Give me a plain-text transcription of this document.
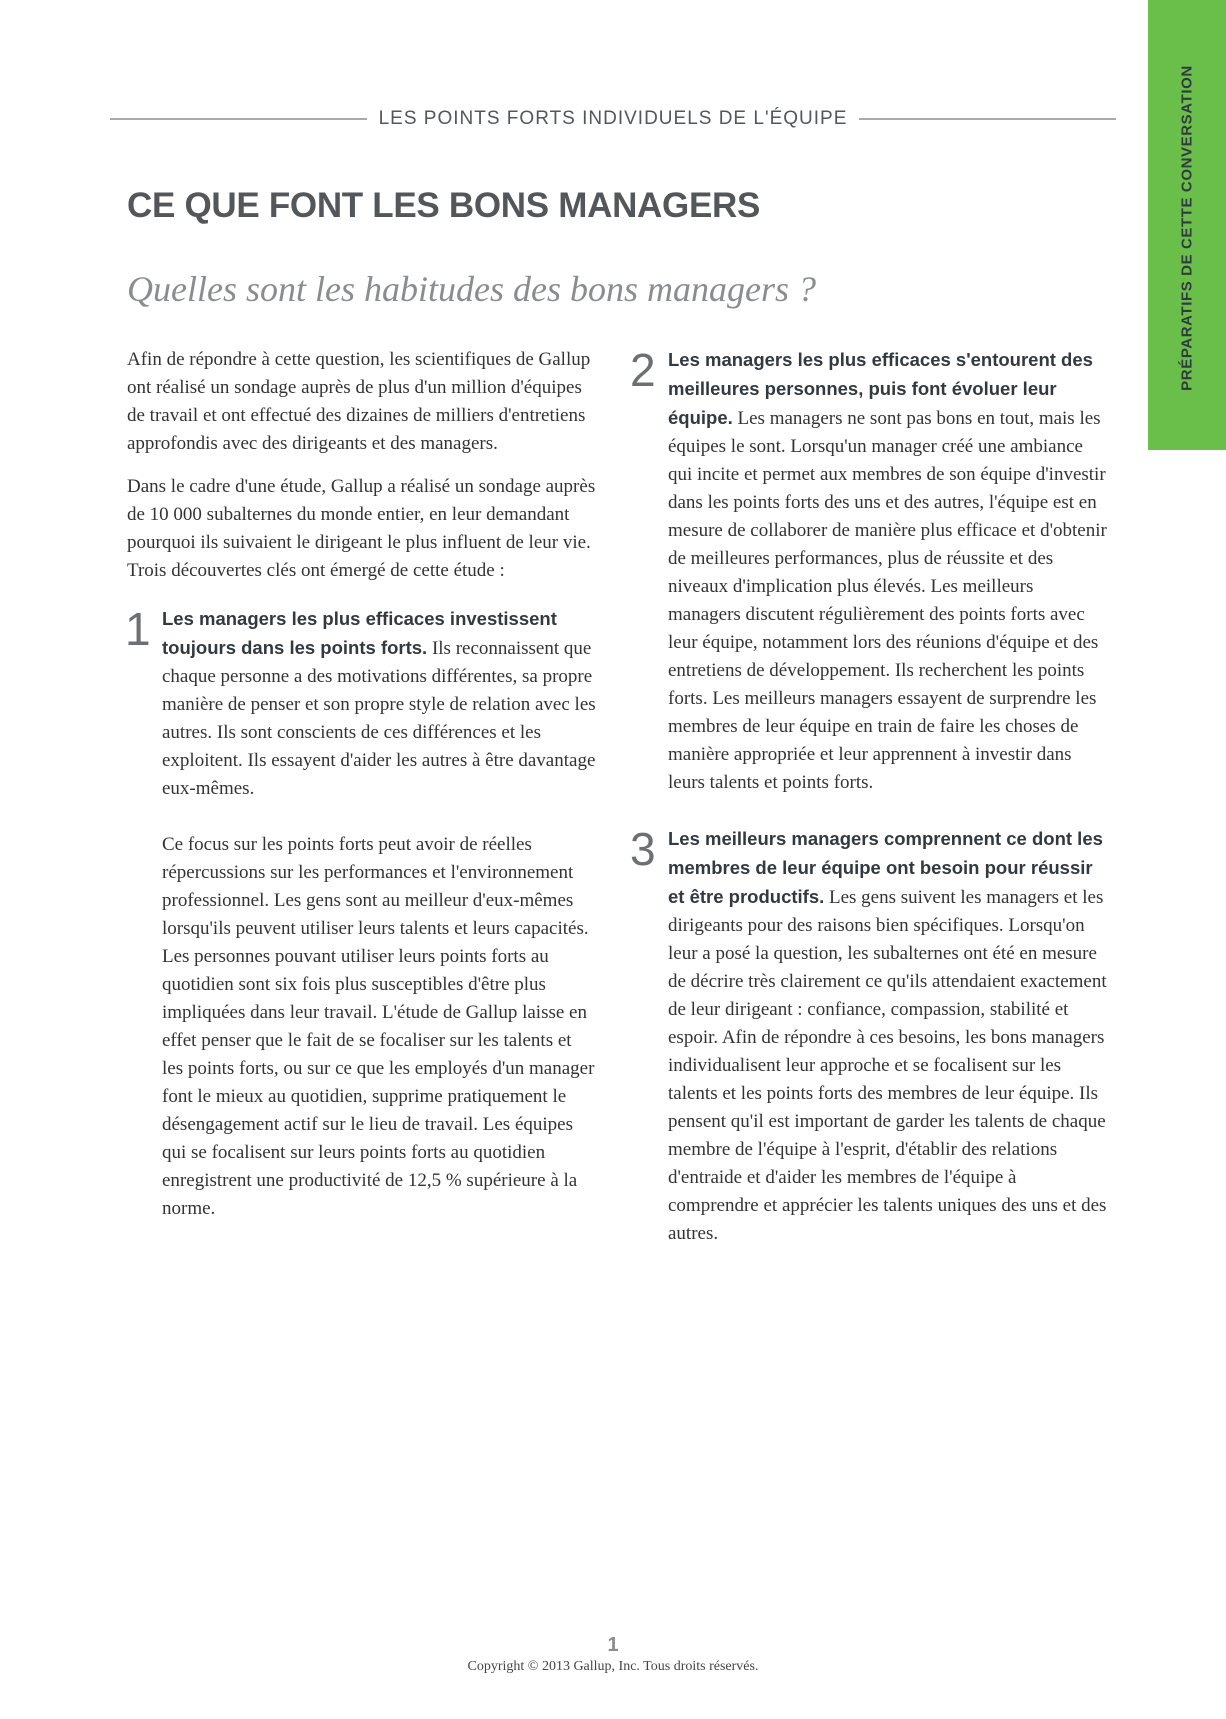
PRÉPARATIFS DE CETTE CONVERSATION
LES POINTS FORTS INDIVIDUELS DE L'ÉQUIPE
CE QUE FONT LES BONS MANAGERS
Quelles sont les habitudes des bons managers ?

Afin de répondre à cette question, les scientifiques de Gallup ont réalisé un sondage auprès de plus d'un million d'équipes de travail et ont effectué des dizaines de milliers d'entretiens approfondis avec des dirigeants et des managers.

Dans le cadre d'une étude, Gallup a réalisé un sondage auprès de 10 000 subalternes du monde entier, en leur demandant pourquoi ils suivaient le dirigeant le plus influent de leur vie. Trois découvertes clés ont émergé de cette étude :

1 Les managers les plus efficaces investissent toujours dans les points forts. Ils reconnaissent que chaque personne a des motivations différentes, sa propre manière de penser et son propre style de relation avec les autres. Ils sont conscients de ces différences et les exploitent. Ils essayent d'aider les autres à être davantage eux-mêmes.

Ce focus sur les points forts peut avoir de réelles répercussions sur les performances et l'environnement professionnel. Les gens sont au meilleur d'eux-mêmes lorsqu'ils peuvent utiliser leurs talents et leurs capacités. Les personnes pouvant utiliser leurs points forts au quotidien sont six fois plus susceptibles d'être plus impliquées dans leur travail. L'étude de Gallup laisse en effet penser que le fait de se focaliser sur les talents et les points forts, ou sur ce que les employés d'un manager font le mieux au quotidien, supprime pratiquement le désengagement actif sur le lieu de travail. Les équipes qui se focalisent sur leurs points forts au quotidien enregistrent une productivité de 12,5 % supérieure à la norme.

2 Les managers les plus efficaces s'entourent des meilleures personnes, puis font évoluer leur équipe. Les managers ne sont pas bons en tout, mais les équipes le sont. Lorsqu'un manager créé une ambiance qui incite et permet aux membres de son équipe d'investir dans les points forts des uns et des autres, l'équipe est en mesure de collaborer de manière plus efficace et d'obtenir de meilleures performances, plus de réussite et des niveaux d'implication plus élevés. Les meilleurs managers discutent régulièrement des points forts avec leur équipe, notamment lors des réunions d'équipe et des entretiens de développement. Ils recherchent les points forts. Les meilleurs managers essayent de surprendre les membres de leur équipe en train de faire les choses de manière appropriée et leur apprennent à investir dans leurs talents et points forts.

3 Les meilleurs managers comprennent ce dont les membres de leur équipe ont besoin pour réussir et être productifs. Les gens suivent les managers et les dirigeants pour des raisons bien spécifiques. Lorsqu'on leur a posé la question, les subalternes ont été en mesure de décrire très clairement ce qu'ils attendaient exactement de leur dirigeant : confiance, compassion, stabilité et espoir. Afin de répondre à ces besoins, les bons managers individualisent leur approche et se focalisent sur les talents et les points forts des membres de leur équipe. Ils pensent qu'il est important de garder les talents de chaque membre de l'équipe à l'esprit, d'établir des relations d'entraide et d'aider les membres de l'équipe à comprendre et apprécier les talents uniques des uns et des autres.

1
Copyright © 2013 Gallup, Inc. Tous droits réservés.
